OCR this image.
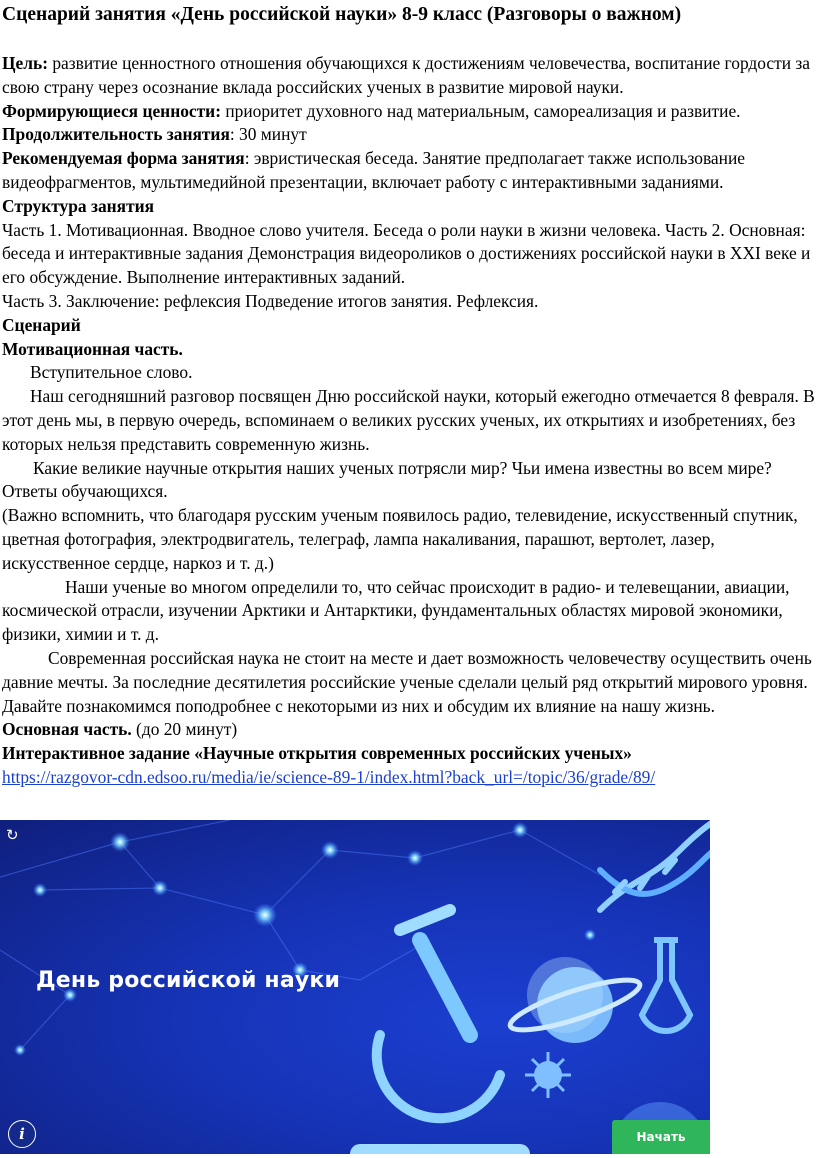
Сценарий занятия «День российской науки» 8-9 класс (Разговоры о важном)

Цель: развитие ценностного отношения обучающихся к достижениям человечества, воспитание гордости за свою страну через осознание вклада российских ученых в развитие мировой науки.

Формирующиеся ценности: приоритет духовного над материальным, самореализация и развитие.

Продолжительность занятия: 30 минут

Рекомендуемая форма занятия: эвристическая беседа. Занятие предполагает также использование видеофрагментов, мультимедийной презентации, включает работу с интерактивными заданиями.

Структура занятия

Часть 1. Мотивационная. Вводное слово учителя. Беседа о роли науки в жизни человека. Часть 2. Основная: беседа и интерактивные задания Демонстрация видеороликов о достижениях российской науки в XXI веке и его обсуждение. Выполнение интерактивных заданий.

Часть 3. Заключение: рефлексия Подведение итогов занятия. Рефлексия.

Сценарий

Мотивационная часть.

Вступительное слово.

Наш сегодняшний разговор посвящен Дню российской науки, который ежегодно отмечается 8 февраля. В этот день мы, в первую очередь, вспоминаем о великих русских ученых, их открытиях и изобретениях, без которых нельзя представить современную жизнь.

Какие великие научные открытия наших ученых потрясли мир? Чьи имена известны во всем мире? Ответы обучающихся.

(Важно вспомнить, что благодаря русским ученым появилось радио, телевидение, искусственный спутник, цветная фотография, электродвигатель, телеграф, лампа накаливания, парашют, вертолет, лазер, искусственное сердце, наркоз и т. д.)

Наши ученые во многом определили то, что сейчас происходит в радио- и телевещании, авиации, космической отрасли, изучении Арктики и Антарктики, фундаментальных областях мировой экономики, физики, химии и т. д.

Современная российская наука не стоит на месте и дает возможность человечеству осуществить очень давние мечты. За последние десятилетия российские ученые сделали целый ряд открытий мирового уровня. Давайте познакомимся поподробнее с некоторыми из них и обсудим их влияние на нашу жизнь.

Основная часть. (до 20 минут)

Интерактивное задание «Научные открытия современных российских ученых»

https://razgovor-cdn.edsoo.ru/media/ie/science-89-1/index.html?back_url=/topic/36/grade/89/

↻
День российской науки
i	Начать
